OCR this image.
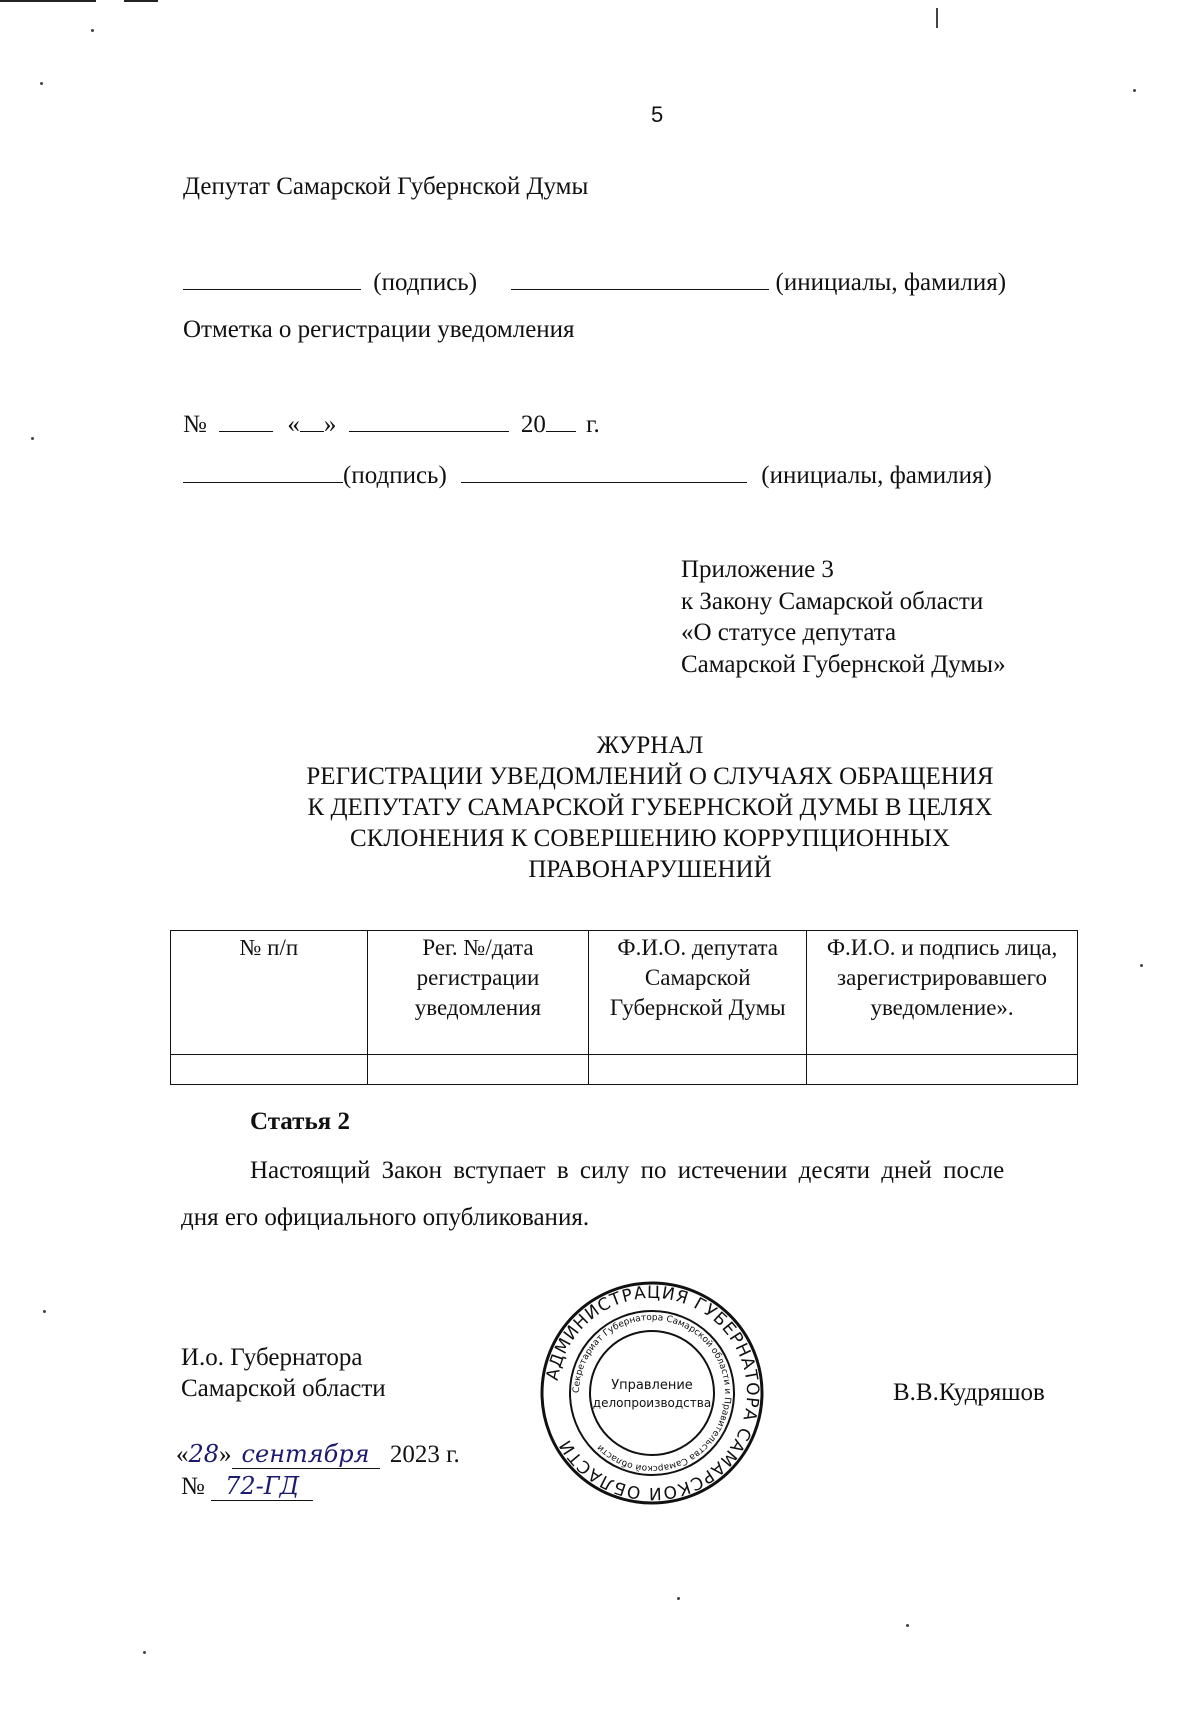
5
Депутат Самарской Губернской Думы
(подпись)	(инициалы, фамилия)
Отметка о регистрации уведомления
№	« »	20 г.
(подпись)	(инициалы, фамилия)
Приложение 3
к Закону Самарской области
«О статусе депутата
Самарской Губернской Думы»
ЖУРНАЛ
РЕГИСТРАЦИИ УВЕДОМЛЕНИЙ О СЛУЧАЯХ ОБРАЩЕНИЯ
К ДЕПУТАТУ САМАРСКОЙ ГУБЕРНСКОЙ ДУМЫ В ЦЕЛЯХ
СКЛОНЕНИЯ К СОВЕРШЕНИЮ КОРРУПЦИОННЫХ
ПРАВОНАРУШЕНИЙ
№ п/п	Рег. №/дата регистрации уведомления	Ф.И.О. депутата Самарской Губернской Думы	Ф.И.О. и подпись лица, зарегистрировавшего уведомление».

Статья 2
Настоящий Закон вступает в силу по истечении десяти дней после
дня его официального опубликования.
И.о. Губернатора
Самарской области	В.В.Кудряшов
«28» сентября 2023 г.
№ 72-ГД
АДМИНИСТРАЦИЯ ГУБЕРНАТОРА САМАРСКОЙ ОБЛАСТИ
Секретариат Губернатора Самарской области и Правительства Самарской области
Управление
делопроизводства
